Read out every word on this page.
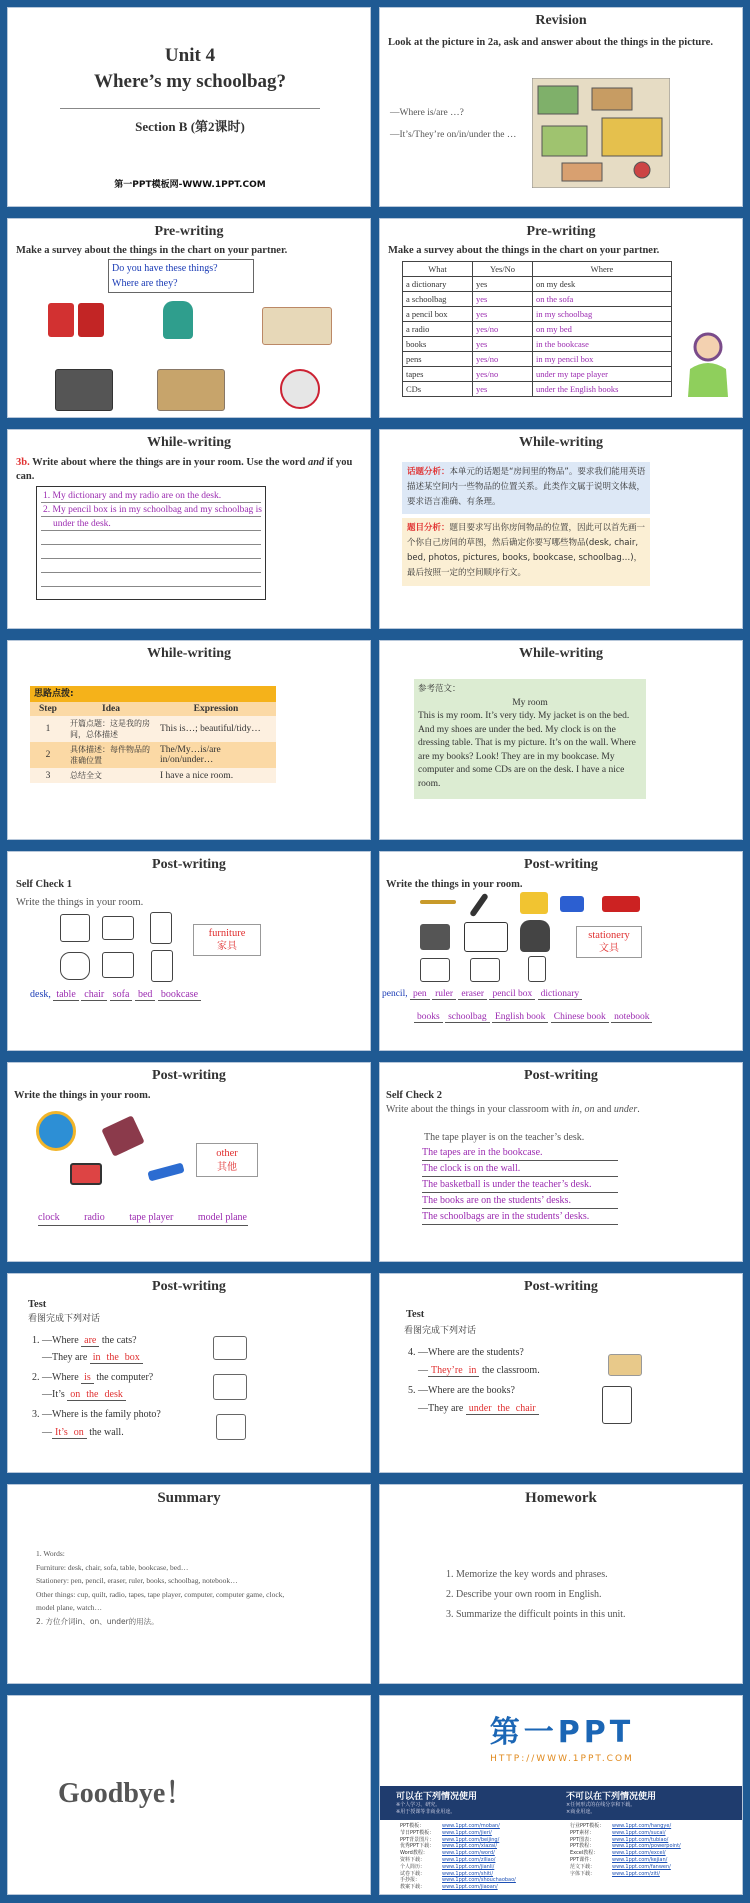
Unit 4
Where’s my schoolbag?
Section B (第2课时)
第一PPT模板网-WWW.1PPT.COM
Revision
Look at the picture in 2a, ask and answer about the things in the picture.
—Where is/are …?
—It’s/They’re on/in/under the …
Pre-writing
Make a survey about the things in the chart on your partner.
Do you have these things?
Where are they?
Pre-writing
Make a survey about the things in the chart on your partner.
What	Yes/No	Where
a dictionary	yes	on my desk
a schoolbag	yes	on the sofa
a pencil box	yes	in my schoolbag
a radio	yes/no	on my bed
books	yes	in the bookcase
pens	yes/no	in my pencil box
tapes	yes/no	under my tape player
CDs	yes	under the English books
While-writing
3b. Write about where the things are in your room. Use the word and if you can.
1. My dictionary and my radio are on the desk.
2. My pencil box is in my schoolbag and my schoolbag is
under the desk.
While-writing
话题分析：本单元的话题是“房间里的物品”。要求我们能用英语描述某空间内一些物品的位置关系。此类作文属于说明文体裁，要求语言准确、有条理。
题目分析：题目要求写出你房间物品的位置，因此可以首先画一个你自己房间的草图，然后确定你要写哪些物品(desk, chair, bed, photos, pictures, books, bookcase, schoolbag…)，最后按照一定的空间顺序行文。
While-writing
思路点拨:
Step	Idea	Expression
1	开篇点题：这是我的房间，总体描述	This is…; beautiful/tidy…
2	具体描述：每件物品的准确位置	The/My…is/are in/on/under…
3	总结全文	I have a nice room.
While-writing
参考范文：
My room
This is my room. It’s very tidy. My jacket is on the bed. And my shoes are under the bed. My clock is on the dressing table. That is my picture. It’s on the wall. Where are my books? Look! They are in my bookcase. My computer and some CDs are on the desk. I have a nice room.
Post-writing
Self Check 1
Write the things in your room.
furniture
家具
desk, table chair sofa bed bookcase
Post-writing
Write the things in your room.
stationery
文具
pencil, pen ruler eraser pencil box dictionary
books schoolbag English book Chinese book notebook
Post-writing
Write the things in your room.
other
其他
clock radio tape player model plane
Post-writing
Self Check 2
Write about the things in your classroom with in, on and under.
The tape player is on the teacher’s desk.
The tapes are in the bookcase.
The clock is on the wall.
The basketball is under the teacher’s desk.
The books are on the students’ desks.
The schoolbags are in the students’ desks.
Post-writing
Test
看图完成下列对话
1. —Where are the cats?
—They are in the box
2. —Where is the computer?
—It’s on the desk
3. —Where is the family photo?
— It’s on the wall.
Post-writing
Test
看图完成下列对话
4. —Where are the students?
— They’re in the classroom.
5. —Where are the books?
—They are under the chair
Summary
1. Words:
Furniture: desk, chair, sofa, table, bookcase, bed…
Stationery: pen, pencil, eraser, ruler, books, schoolbag, notebook…
Other things: cup, quilt, radio, tapes, tape player, computer, computer game, clock,
model plane, watch…
2. 方位介词in、on、under的用法。
Homework
1. Memorize the key words and phrases.
2. Describe your own room in English.
3. Summarize the difficult points in this unit.
Goodbye！
第一PPT
HTTP://WWW.1PPT.COM
可以在下列情况使用
※个人学习、研究。
※用于授课等非商业用途。
不可以在下列情况使用
×任何形式的在线分享和下载。
×商业用途。
PPT模板：	www.1ppt.com/moban/
节日PPT模板： www.1ppt.com/jieri/
PPT背景图片： www.1ppt.com/beijing/
优秀PPT下载： www.1ppt.com/xiazai/
Word教程：	www.1ppt.com/word/
资料下载：	www.1ppt.com/ziliao/
个人简历：	www.1ppt.com/jianli/
试卷下载：	www.1ppt.com/shiti/
手抄报：	www.1ppt.com/shouchaobao/
教案下载：	www.1ppt.com/jiaoan/
行业PPT模板： www.1ppt.com/hangye/
PPT素材：	www.1ppt.com/sucai/
PPT图表：	www.1ppt.com/tubiao/
PPT教程：	www.1ppt.com/powerpoint/
Excel教程：	www.1ppt.com/excel/
PPT课件：	www.1ppt.com/kejian/
范文下载：	www.1ppt.com/fanwen/
字体下载：	www.1ppt.com/ziti/
